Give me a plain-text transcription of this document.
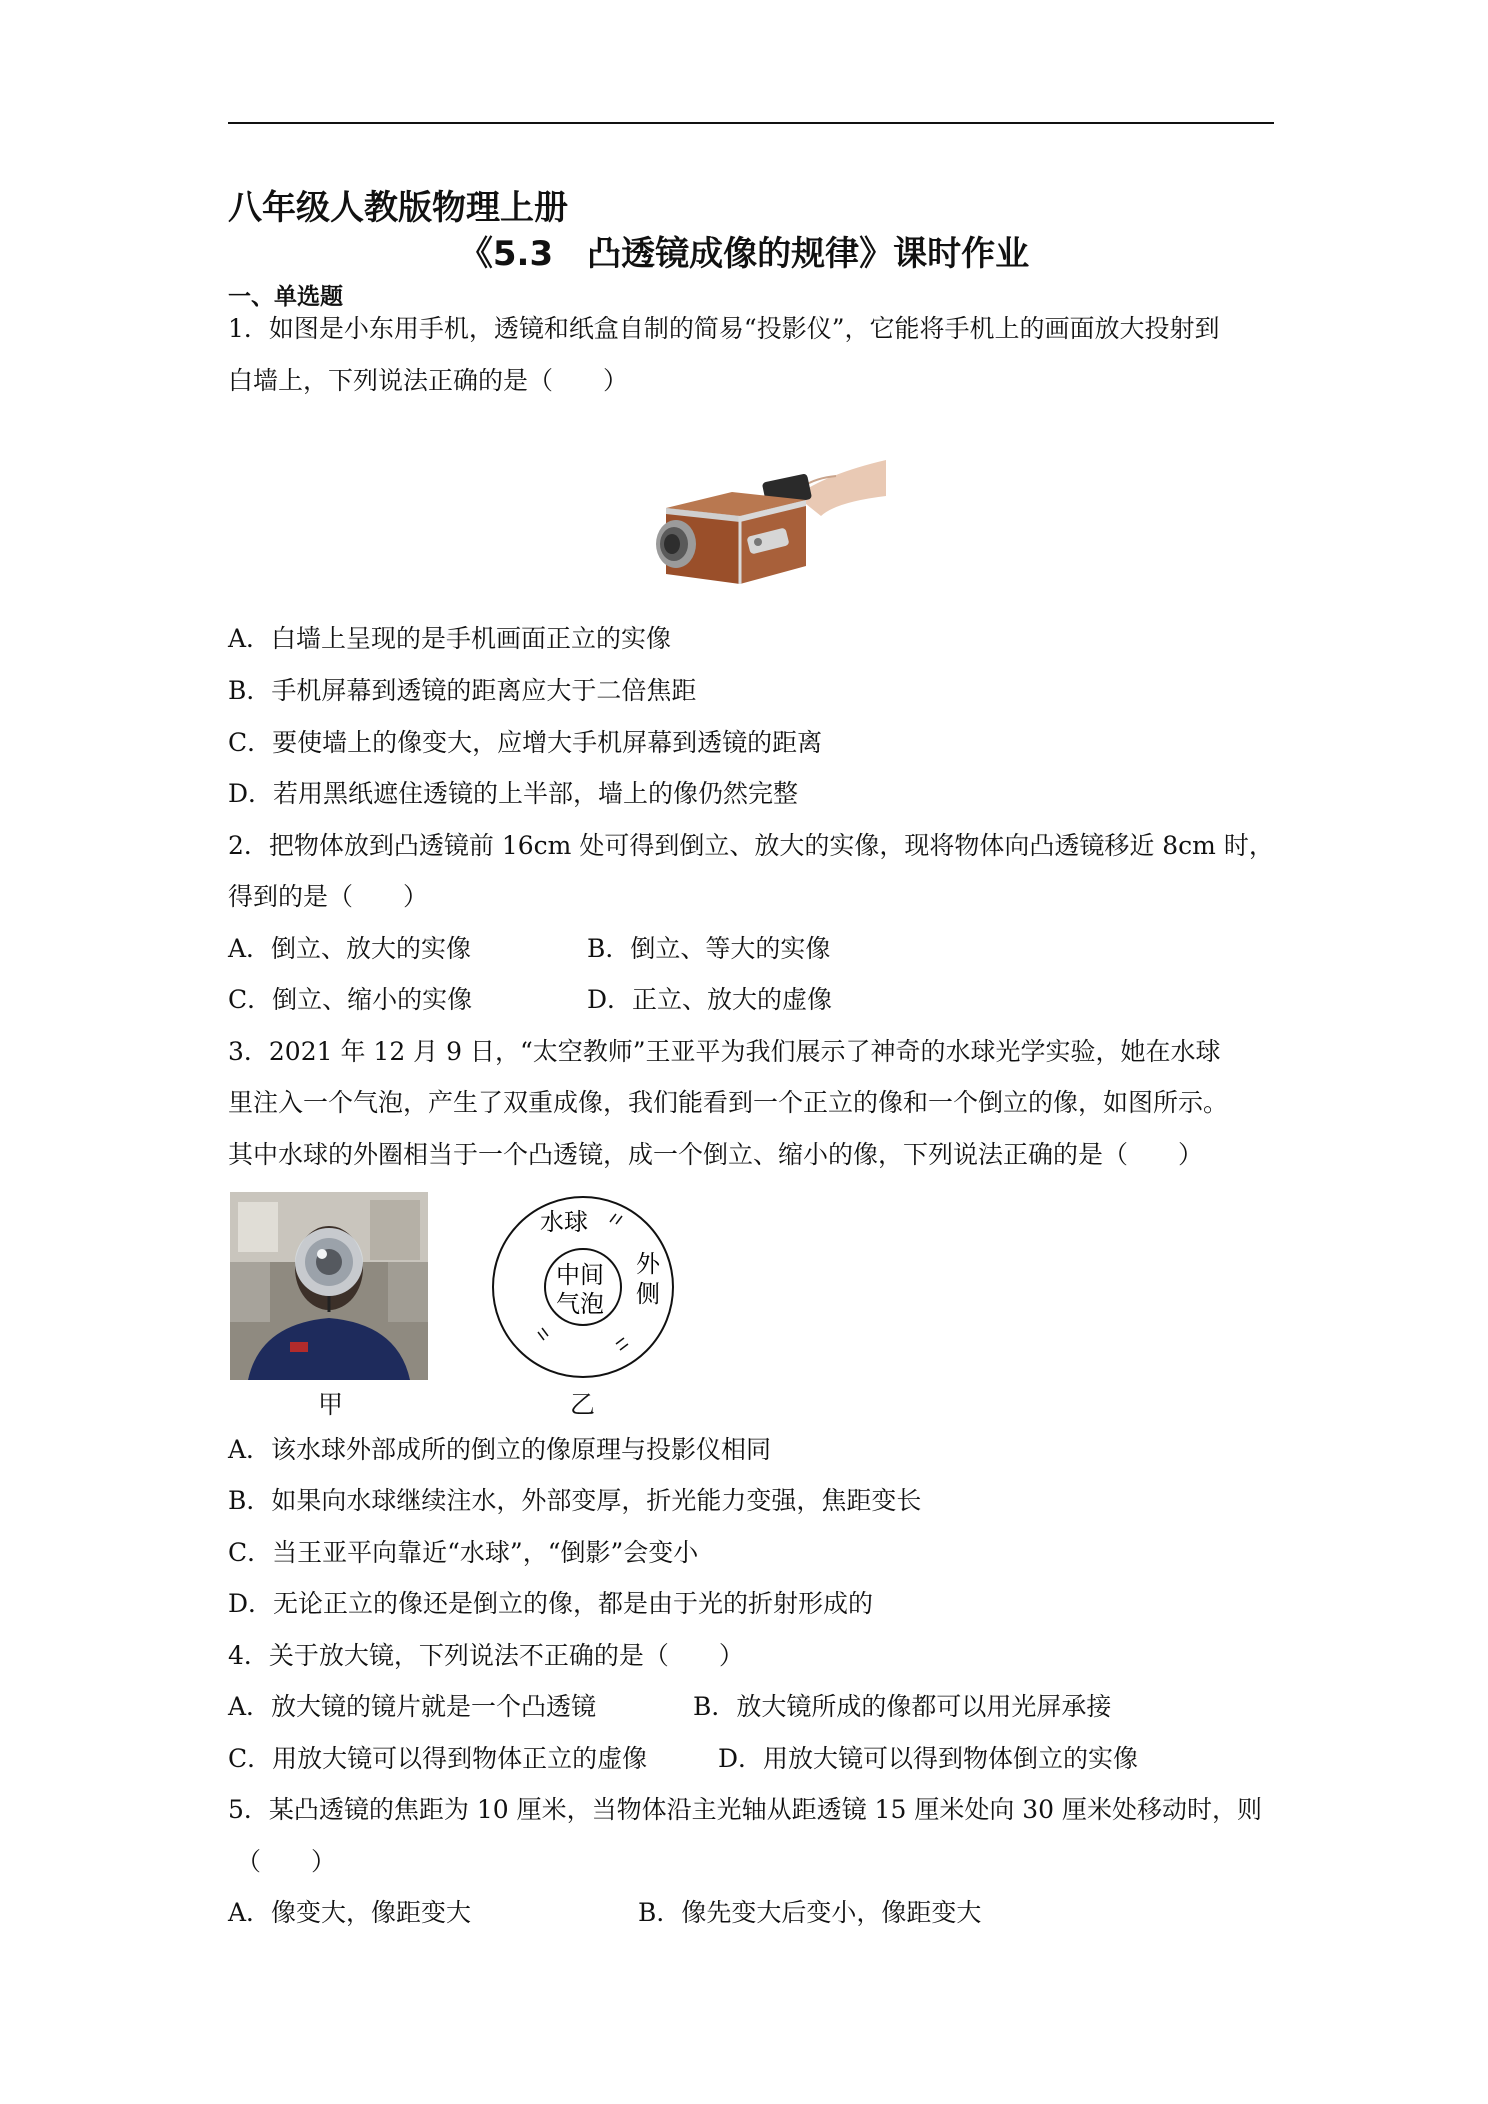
八年级人教版物理上册
《5.3　凸透镜成像的规律》课时作业
一、单选题
1．如图是小东用手机，透镜和纸盒自制的简易“投影仪”，它能将手机上的画面放大投射到
白墙上，下列说法正确的是（　　）
A．白墙上呈现的是手机画面正立的实像
B．手机屏幕到透镜的距离应大于二倍焦距
C．要使墙上的像变大，应增大手机屏幕到透镜的距离
D．若用黑纸遮住透镜的上半部，墙上的像仍然完整
2．把物体放到凸透镜前 16cm 处可得到倒立、放大的实像，现将物体向凸透镜移近 8cm 时，
得到的是（　　）
A．倒立、放大的实像	B．倒立、等大的实像
C．倒立、缩小的实像	D．正立、放大的虚像
3．2021 年 12 月 9 日，“太空教师”王亚平为我们展示了神奇的水球光学实验，她在水球
里注入一个气泡，产生了双重成像，我们能看到一个正立的像和一个倒立的像，如图所示。
其中水球的外圈相当于一个凸透镜，成一个倒立、缩小的像，下列说法正确的是（　　）
甲
水球
中间
气泡
外
侧
乙
A．该水球外部成所的倒立的像原理与投影仪相同
B．如果向水球继续注水，外部变厚，折光能力变强，焦距变长
C．当王亚平向靠近“水球”，“倒影”会变小
D．无论正立的像还是倒立的像，都是由于光的折射形成的
4．关于放大镜，下列说法不正确的是（　　）
A．放大镜的镜片就是一个凸透镜	B．放大镜所成的像都可以用光屏承接
C．用放大镜可以得到物体正立的虚像	D．用放大镜可以得到物体倒立的实像
5．某凸透镜的焦距为 10 厘米，当物体沿主光轴从距透镜 15 厘米处向 30 厘米处移动时，则
（　　）
A．像变大，像距变大	B．像先变大后变小，像距变大
